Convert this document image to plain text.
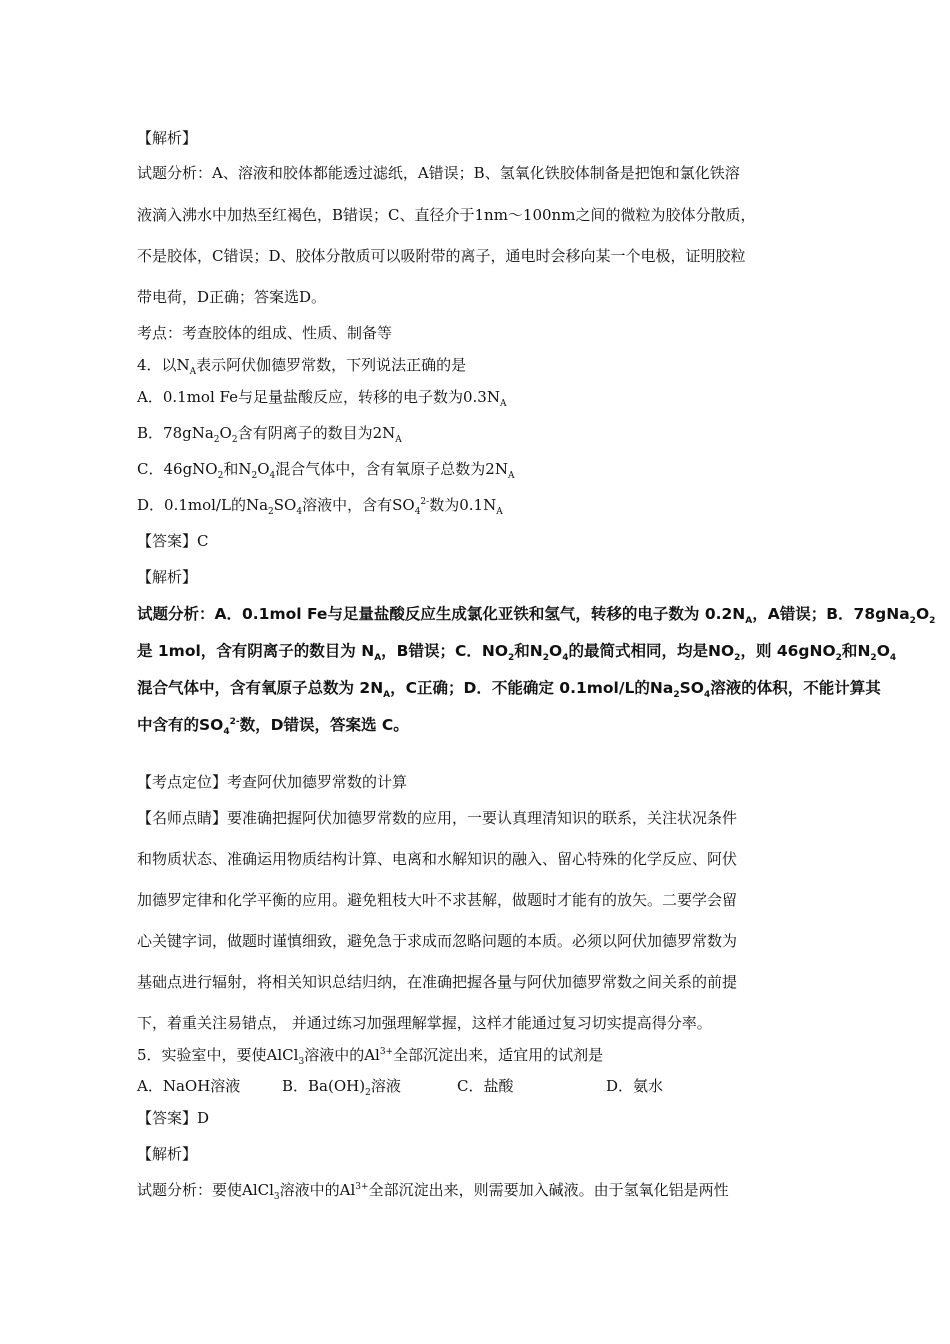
【解析】
试题分析：A、溶液和胶体都能透过滤纸，A错误；B、氢氧化铁胶体制备是把饱和氯化铁溶
液滴入沸水中加热至红褐色，B错误；C、直径介于1nm～100nm之间的微粒为胶体分散质，
不是胶体，C错误；D、胶体分散质可以吸附带的离子，通电时会移向某一个电极，证明胶粒
带电荷，D正确；答案选D。
考点：考查胶体的组成、性质、制备等
4．以$N_A$表示阿伏伽德罗常数，下列说法正确的是
A．0.1mol Fe与足量盐酸反应，转移的电子数为$0.3N_A$
B．$78gNa_2O_2$含有阴离子的数目为$2N_A$
C．46gNO$_2$和$N_2O_4$混合气体中，含有氧原子总数为$2N_A$
D．0.1mol/L的$Na_2SO_4$溶液中，含有$SO_4^{2-}$数为$0.1N_A$
【答案】C
【解析】
试题分析：A．0.1mol Fe与足量盐酸反应生成氯化亚铁和氢气，转移的电子数为 $0.2N_A$，A错误；B．$78gNa_2O_2$
是 1mol，含有阴离子的数目为 $N_A$，B错误；C．$NO_2$和$N_2O_4$的最简式相同，均是$NO_2$，则 46gNO$_2$和$N_2O_4$
混合气体中，含有氧原子总数为 $2N_A$，C正确；D．不能确定 0.1mol/L的$Na_2SO_4$溶液的体积，不能计算其
中含有的$SO_4^{2-}$数，D错误，答案选 C。
【考点定位】考查阿伏加德罗常数的计算
【名师点睛】要准确把握阿伏加德罗常数的应用，一要认真理清知识的联系，关注状况条件
和物质状态、准确运用物质结构计算、电离和水解知识的融入、留心特殊的化学反应、阿伏
加德罗定律和化学平衡的应用。避免粗枝大叶不求甚解，做题时才能有的放矢。二要学会留
心关键字词，做题时谨慎细致，避免急于求成而忽略问题的本质。必须以阿伏加德罗常数为
基础点进行辐射，将相关知识总结归纳，在准确把握各量与阿伏加德罗常数之间关系的前提
下，着重关注易错点， 并通过练习加强理解掌握，这样才能通过复习切实提高得分率。
5．实验室中，要使AlCl$_3$溶液中的$Al^{3+}$全部沉淀出来，适宜用的试剂是
A．NaOH溶液	B．$Ba(OH)_2$溶液	C．盐酸	D．氨水
【答案】D
【解析】
试题分析：要使AlCl$_3$溶液中的$Al^{3+}$全部沉淀出来，则需要加入碱液。由于氢氧化铝是两性
